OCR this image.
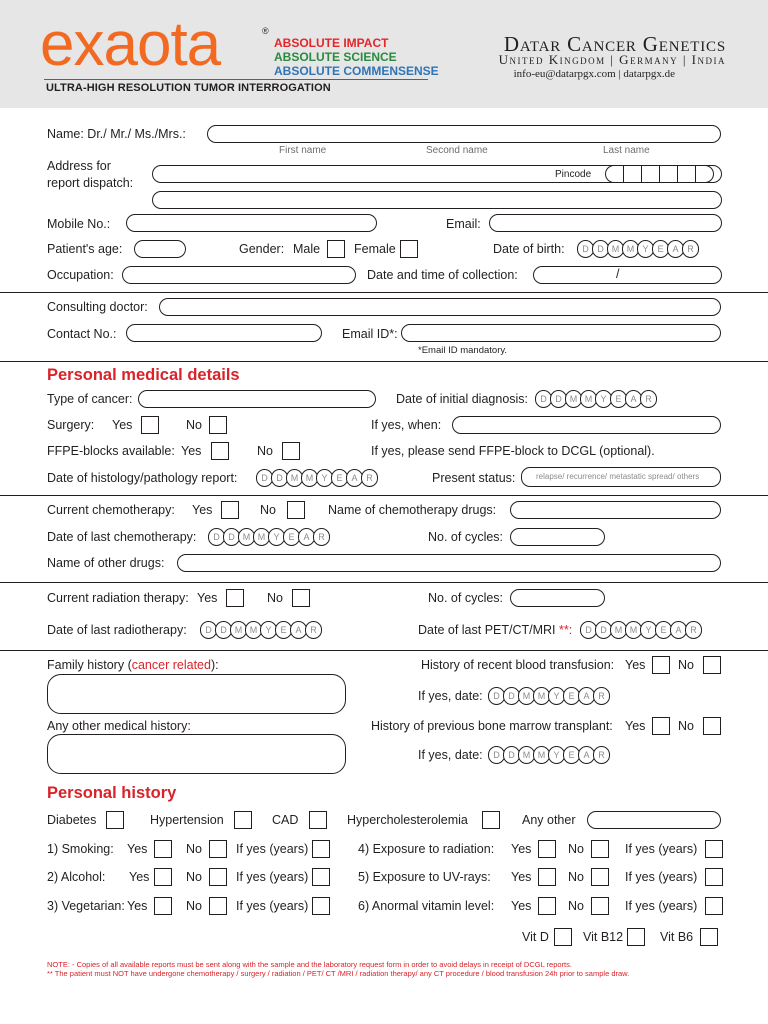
exaota	®
ABSOLUTE IMPACT
ABSOLUTE SCIENCE
ABSOLUTE COMMENSENSE
ULTRA-HIGH RESOLUTION TUMOR INTERROGATION
Datar Cancer Genetics
United Kingdom | Germany | India
info-eu@datarpgx.com | datarpgx.de
Name: Dr./ Mr./ Ms./Mrs.:
First name	Second name	Last name
Address for
report dispatch:
Pincode
Mobile No.:	Email:
Patient's age:	Gender: Male	Female	Date of birth:	D D M M Y E A R
Occupation:	Date and time of collection:	/
Consulting doctor:
Contact No.:	Email ID*:
*Email ID mandatory.
Personal medical details
Type of cancer:	Date of initial diagnosis:	D D M M Y E A R
Surgery: Yes	No	If yes, when:
FFPE-blocks available: Yes	No	If yes, please send FFPE-block to DCGL (optional).
Date of histology/pathology report:	D D M M Y E A R	Present status:	relapse/ recurrence/ metastatic spread/ others
Current chemotherapy: Yes	No	Name of chemotherapy drugs:
Date of last chemotherapy:	D D M M Y E A R	No. of cycles:
Name of other drugs:
Current radiation therapy: Yes	No	No. of cycles:
Date of last radiotherapy:	D D M M Y E A R	Date of last PET/CT/MRI **:	D D M M Y E A R
Family history (cancer related):	History of recent blood transfusion: Yes	No
If yes, date:	D D M M Y E A R
Any other medical history:	History of previous bone marrow transplant: Yes	No
If yes, date:	D D M M Y E A R
Personal history
Diabetes	Hypertension	CAD	Hypercholesterolemia	Any other
1) Smoking: Yes	No	If yes (years)	4) Exposure to radiation: Yes	No	If yes (years)
2) Alcohol: Yes	No	If yes (years)	5) Exposure to UV-rays: Yes	No	If yes (years)
3) Vegetarian: Yes	No	If yes (years)	6) Anormal vitamin level: Yes	No	If yes (years)
Vit D	Vit B12	Vit B6
NOTE: - Copies of all available reports must be sent along with the sample and the laboratory request form in order to avoid delays in receipt of DCGL reports.
** The patient must NOT have undergone chemotherapy / surgery / radiation / PET/ CT /MRI / radiation therapy/ any CT procedure / blood transfusion 24h prior to sample draw.
